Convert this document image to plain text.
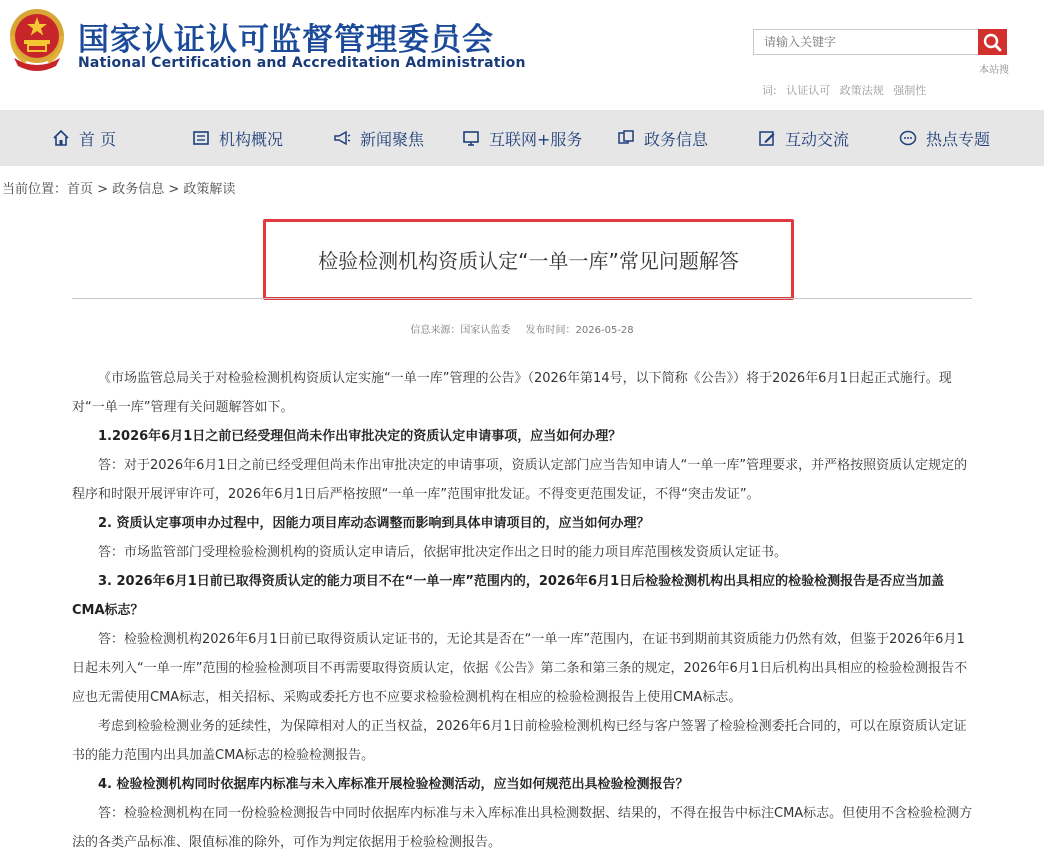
国家认证认可监督管理委员会
National Certification and Accreditation Administration
请输入关键字	本站搜
词: 认证认可 政策法规 强制性
首 页	机构概况	新闻聚焦	互联网+服务	政务信息	互动交流	热点专题
当前位置：首页 > 政务信息 > 政策解读
检验检测机构资质认定“一单一库”常见问题解答
信息来源：国家认监委 发布时间：2026-05-28

《市场监管总局关于对检验检测机构资质认定实施“一单一库”管理的公告》（2026年第14号，以下简称《公告》）将于2026年6月1日起正式施行。现对“一单一库”管理有关问题解答如下。

1.2026年6月1日之前已经受理但尚未作出审批决定的资质认定申请事项，应当如何办理？

答：对于2026年6月1日之前已经受理但尚未作出审批决定的申请事项，资质认定部门应当告知申请人“一单一库”管理要求，并严格按照资质认定规定的程序和时限开展评审许可，2026年6月1日后严格按照“一单一库”范围审批发证。不得变更范围发证，不得“突击发证”。

2. 资质认定事项申办过程中，因能力项目库动态调整而影响到具体申请项目的，应当如何办理？

答：市场监管部门受理检验检测机构的资质认定申请后，依据审批决定作出之日时的能力项目库范围核发资质认定证书。

3. 2026年6月1日前已取得资质认定的能力项目不在“一单一库”范围内的，2026年6月1日后检验检测机构出具相应的检验检测报告是否应当加盖CMA标志？

答：检验检测机构2026年6月1日前已取得资质认定证书的，无论其是否在“一单一库”范围内，在证书到期前其资质能力仍然有效，但鉴于2026年6月1日起未列入“一单一库”范围的检验检测项目不再需要取得资质认定，依据《公告》第二条和第三条的规定，2026年6月1日后机构出具相应的检验检测报告不应也无需使用CMA标志，相关招标、采购或委托方也不应要求检验检测机构在相应的检验检测报告上使用CMA标志。

考虑到检验检测业务的延续性，为保障相对人的正当权益，2026年6月1日前检验检测机构已经与客户签署了检验检测委托合同的，可以在原资质认定证书的能力范围内出具加盖CMA标志的检验检测报告。

4. 检验检测机构同时依据库内标准与未入库标准开展检验检测活动，应当如何规范出具检验检测报告？

答：检验检测机构在同一份检验检测报告中同时依据库内标准与未入库标准出具检测数据、结果的，不得在报告中标注CMA标志。但使用不含检验检测方法的各类产品标准、限值标准的除外，可作为判定依据用于检验检测报告。
